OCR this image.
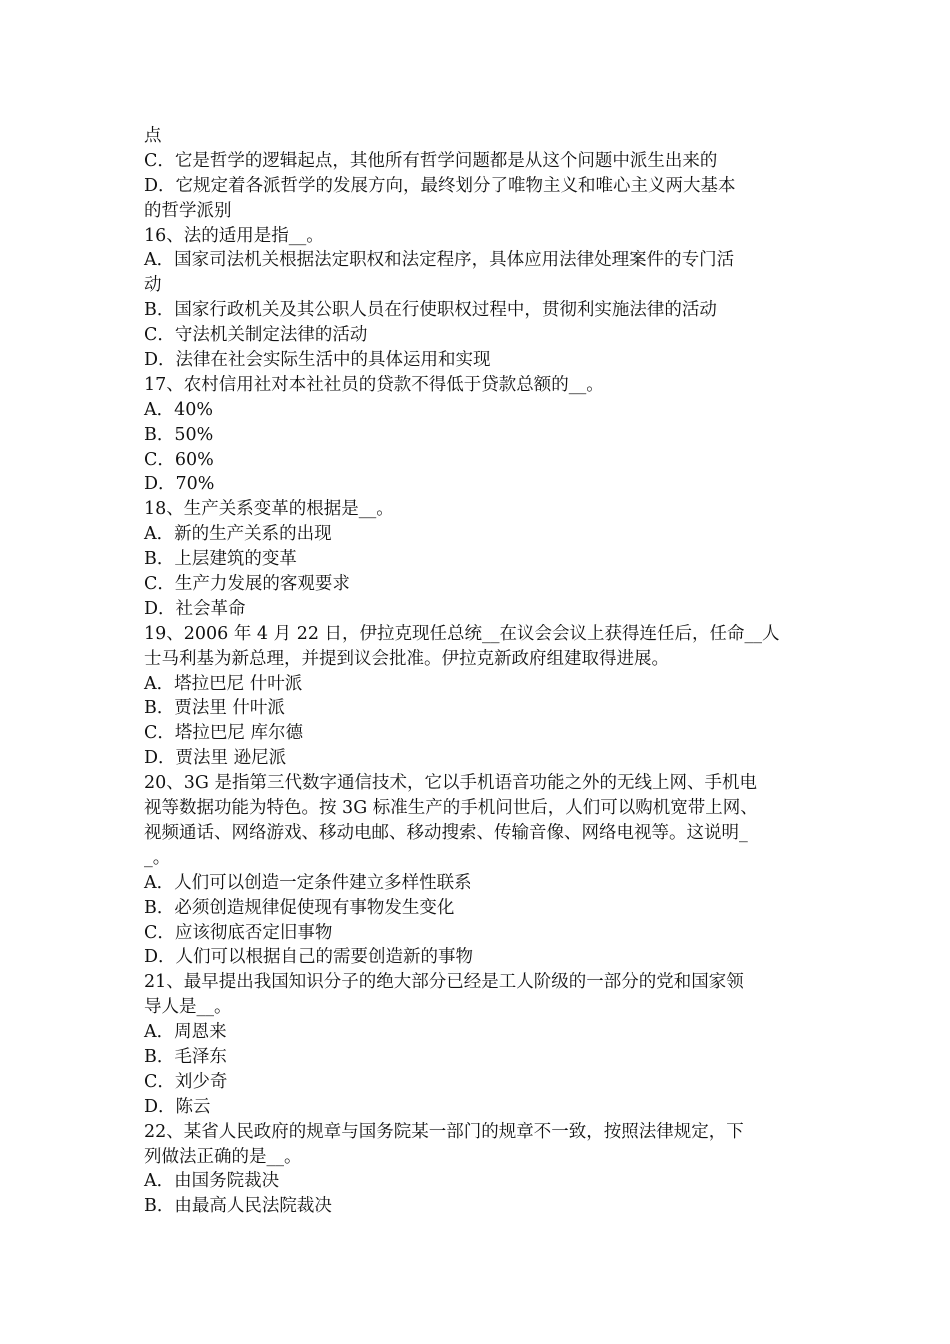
点
C．它是哲学的逻辑起点，其他所有哲学问题都是从这个问题中派生出来的
D．它规定着各派哲学的发展方向，最终划分了唯物主义和唯心主义两大基本
的哲学派别
16、法的适用是指__。
A．国家司法机关根据法定职权和法定程序，具体应用法律处理案件的专门活
动
B．国家行政机关及其公职人员在行使职权过程中，贯彻利实施法律的活动
C．守法机关制定法律的活动
D．法律在社会实际生活中的具体运用和实现
17、农村信用社对本社社员的贷款不得低于贷款总额的__。
A．40%
B．50%
C．60%
D．70%
18、生产关系变革的根据是__。
A．新的生产关系的出现
B．上层建筑的变革
C．生产力发展的客观要求
D．社会革命
19、2006 年 4 月 22 日，伊拉克现任总统__在议会会议上获得连任后，任命__人
士马利基为新总理，并提到议会批准。伊拉克新政府组建取得进展。
A．塔拉巴尼 什叶派
B．贾法里 什叶派
C．塔拉巴尼 库尔德
D．贾法里 逊尼派
20、3G 是指第三代数字通信技术，它以手机语音功能之外的无线上网、手机电
视等数据功能为特色。按 3G 标准生产的手机问世后，人们可以购机宽带上网、
视频通话、网络游戏、移动电邮、移动搜索、传输音像、网络电视等。这说明_
_。
A．人们可以创造一定条件建立多样性联系
B．必须创造规律促使现有事物发生变化
C．应该彻底否定旧事物
D．人们可以根据自己的需要创造新的事物
21、最早提出我国知识分子的绝大部分已经是工人阶级的一部分的党和国家领
导人是__。
A．周恩来
B．毛泽东
C．刘少奇
D．陈云
22、某省人民政府的规章与国务院某一部门的规章不一致，按照法律规定，下
列做法正确的是__。
A．由国务院裁决
B．由最高人民法院裁决
